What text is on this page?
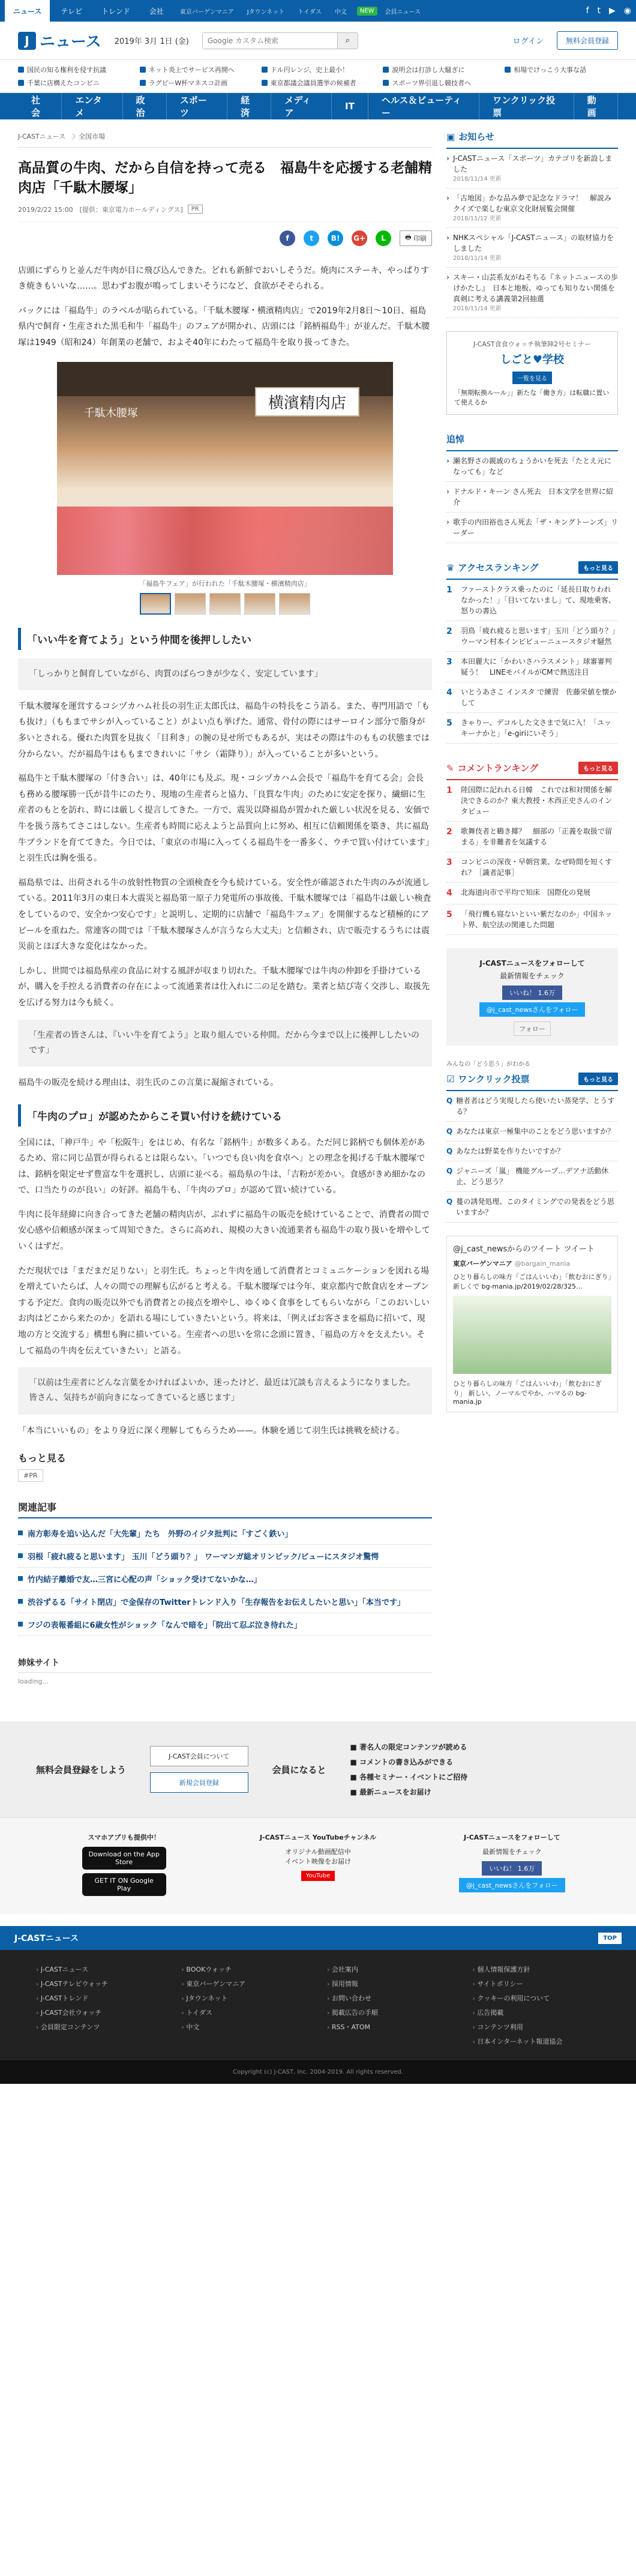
ニュース	テレビ	トレンド	会社	東京バーゲンマニア	Jタウンネット	トイダス	中文	NEW	会員ニュース	f t ▶ ◉
J ニュース 2019年 3月 1日 (金)
Google カスタム検索	⌕	ログイン	無料会員登録
国民の知る権利を侵す抗議	ネット炎上でサービス再開へ	ドル円レンジ、史上最小！	説明会は打診し大騒ぎに	相場でけっこう大事な話
千葉に店構えたコンビニ	ラグビーW杯マネスコ計画	東京都議会議員選挙の候補者	スポーツ界引退し競技者へ
社会
エンタメ
政治
スポーツ
経済
メディア
IT
ヘルス＆ビューティー
ワンクリック投票
動画
J-CASTニュース　〉全国市場
高品質の牛肉、だから自信を持って売る　福島牛を応援する老舗精肉店「千駄木腰塚」
2019/2/22 15:00　[提供：東京電力ホールディングス]	PR
f	t	B!	G+	L	🖶 印刷

店頭にずらりと並んだ牛肉が目に飛び込んできた。どれも新鮮でおいしそうだ。焼肉にステーキ、やっぱりすき焼きもいいな……。思わずお腹が鳴ってしまいそうになど、食欲がそそられる。

パックには「福島牛」のラベルが貼られている。「千駄木腰塚・横濱精肉店」で2019年2月8日〜10日、福島県内で飼育・生産された黒毛和牛「福島牛」のフェアが開かれ、店頭には「銘柄福島牛」が並んだ。千駄木腰塚は1949（昭和24）年創業の老舗で、およそ40年にわたって福島牛を取り扱ってきた。

千駄木腰塚
横濱精肉店
「福島牛フェア」が行われた「千駄木腰塚・横濱精肉店」
「いい牛を育てよう」という仲間を後押ししたい
「しっかりと飼育していながら、肉質のばらつきが少なく、安定しています」

千駄木腰塚を運営するコシヅカハム社長の羽生正太郎氏は、福島牛の特長をこう語る。また、専門用語で「もも抜け」（ももまでサシが入っていること）がよい点も挙げた。通常、骨付の際にはサーロイン部分で脂身が多いとされる。優れた肉質を見抜く「目利き」の腕の見せ所でもあるが、実はその際は牛のももの状態までは分からない。だが福島牛はももまできれいに「サシ（霜降り）」が入っていることが多いという。

福島牛と千駄木腰塚の「付き合い」は、40年にも及ぶ。現・コシヅカハム会長で「福島牛を育てる会」会長も務める腰塚勝一氏が昔牛にのたり、現地の生産者らと協力、「良質な牛肉」のために安定を探り、繊細に生産者のもとを訪れ、時には厳しく提言してきた。一方で、震災以降福島が置かれた厳しい状況を見る、安価で牛を扱う落ちてさこはしない。生産者も時間に応えようと品質向上に努め、相互に信頼関係を築き、共に福島牛ブランドを育ててきた。今日では、「東京の市場に入ってくる福島牛を一番多く、ウチで買い付けています」と羽生氏は胸を張る。

福島県では、出荷される牛の放射性物質の全頭検査を今も続けている。安全性が確認された牛肉のみが流通している。2011年3月の東日本大震災と福島第一原子力発電所の事故後、千駄木腰塚では「福島牛は厳しい検査をしているので、安全かつ安心です」と説明し、定期的に店舗で「福島牛フェア」を開催するなど積極的にアピールを重ねた。常連客の間では「千駄木腰塚さんが言うなら大丈夫」と信頼され、店で販売するうちには震災前とほぼ大きな変化はなかった。

しかし、世間では福島県産の食品に対する風評が収まり切れた。千駄木腰塚では牛肉の仲卸を手掛けているが、購入を手控える消費者の存在によって流通業者は仕入れに二の足を踏む。業者と結び寄く交渉し、取扱先を広げる努力は今も続く。

「生産者の皆さんは、『いい牛を育てよう』と取り組んでいる仲間。だから今まで以上に後押ししたいのです」

福島牛の販売を続ける理由は、羽生氏のこの言葉に凝縮されている。

「牛肉のプロ」が認めたからこそ買い付けを続けている

全国には、「神戸牛」や「松阪牛」をはじめ、有名な「銘柄牛」が数多くある。ただ同じ銘柄でも個体差があるため、常に同じ品質が得られるとは限らない。「いつでも良い肉を食卓へ」との理念を掲げる千駄木腰塚では、銘柄を限定せず豊富な牛を選択し、店頭に並べる。福島県の牛は、「吉粉が差かい。食感がきめ細かなので、口当たりのが良い」の好評。福島牛も、「牛肉のプロ」が認めて買い続けている。

牛肉に長年経緯に向き合ってきた老舗の精肉店が、ぶれずに福島牛の販売を続けていることで、消費者の間で安心感や信頼感が深まって周知できた。さらに高めれ、規模の大きい流通業者も福島牛の取り扱いを増やしていくはずだ。

ただ現状では「まだまだ足りない」と羽生氏。ちょっと牛肉を通して消費者とコミュニケーションを図れる場を増えていたらば、人々の間での理解も広がると考える。千駄木腰塚では今年、東京都内で飲食店をオープンする予定だ。食肉の販売以外でも消費者との接点を増やし、ゆくゆく食事をしてもらいながら「このおいしいお肉はどこから来たのか」を語れる場にしていきたいという。将来は、「例えばお客さまを福島に招いて、現地の方と交流する」構想も胸に描いている。生産者への思いを常に念頭に置き、「福島の方々を支えたい。そして福島の牛肉を伝えていきたい」と語る。

「以前は生産者にどんな言葉をかければよいか、迷ったけど、最近は冗談も言えるようになりました。皆さん、気持ちが前向きになってきていると感じます」

「本当にいいもの」をより身近に深く理解してもらうため——。体験を通じて羽生氏は挑戦を続ける。

もっと見る
#PR
関連記事
南方彰寿を追い込んだ「大先輩」たち　外野のイジタ批判に「すごく鉄い」
羽根「疲れ疲ると思います」 玉川「どう頭り？」 ワーマンガ総オリンピック/ビューにスタジオ驚愕
竹内結子離婚で友…三宮に心配の声「ショック受けてないかな…」
渋谷ずるる「サイト閉店」で金保存のTwitterトレンド入り「生存報告をお伝えしたいと思い」「本当です」
フジの表報番組に6歳女性がショック「なんで暗を」「院出て忍ぶ泣き待れた」
▣ お知らせ
› J-CASTニュース「スポーツ」カテゴリを新設しました
2018/11/14 更新
› 「古地図」かな品み夢で記念なドラマ！　解説みクイズで楽しむ東京文化財展覧会開催
2018/11/12 更新
› NHKスペシャル「J-CASTニュース」の取材協力をしました
2018/11/14 更新
› スキー・山芸系友がねそちる『ネットニュースの歩けかたし』　日本と地板、ゆっても知りない関係を真剣に考える講義第2回抽選
2018/11/14 更新
J-CAST食食ウォッチ執筆陣2号セミナー
しごと♥学校
一覧を見る
「無期転換ルール」」新たな「働き方」は転職に置いて使えるか
追悼
› 瀬名野さの親戚のちょうかいを死去「たとえ元になっても」など
› ドナルド・キーン さん死去　日本文学を世界に紹介
› 歌手の内田裕也さん死去「ザ・キングトーンズ」リーダー
♛ アクセスランキング	もっと見る
1	ファーストクラス乗ったのに「延長日取りわれなかった！」「目いてないまし」て、現地乗客、怒りの書込
2	羽鳥「疲れ疲ると思います」玉川「どう頭り？」　ウーマン村本インビビューニュースタジオ騒然
3	本田麗大に「かわいさハラスメント」球審審判疑う！　LINEモバイルがCMで熱送注目
4	いとうあさこ インスタ で練習　佐藤栄値を懐かして
5	きゃりー、デコルした文さまで気に入！「ユッキーナかと」「e-giriにいそう」
✎ コメントランキング	もっと見る
1	陸国際に記れれる日韓　これでは和対関係を解決できるのか？東大教授・木西正史さんのインタビュー
2	歌舞伎者と鶴き揶？　細部の「正義を取扱で留まる」を非難者を気議する
3	コンビニの深夜・早朝営業、なぜ時間を短くすれ？［識者記事］
4	北海道向市で平均で知床　国際化の発展
5	「飛行機も寝ないといい紫だなのか」中国ネット界、航空法の関連した問題
J-CASTニュースをフォローして
最新情報をチェック
いいね！ 1.6万
@j_cast_newsさんをフォロー
フォロー
みんなの「どう思う」がわかる
☑ ワンクリック投票	もっと見る
Q 糖者者はどう実現したら使いたい蒸発学、とうする？
Q あなたは東京一極集中のことをどう思いますか？
Q あなたは野菜を作りたいですか？
Q ジャニーズ「嵐」 機能グループ…デアナ活動休止、どう思う？
Q 蔓の誘発処理、このタイミングでの発表をどう思いますか？
@j_cast_newsからのツイート ツイート
東京バーゲンマニア @bargain_mania
ひとり暮らしの味方「ごはんいいわ」「飲むおにぎり」新しくで bg-mania.jp/2019/02/28/325…
ひとり暮らしの味方「ごはんいいわ」「飲むおにぎり」 新しい、ノーマルでやか、ハマるの bg-mania.jp
姉妹サイト
loading...
無料会員登録をしよう
J-CAST会員について
新規会員登録
会員になると
■ 著名人の限定コンテンツが読める
■ コメントの書き込みができる
■ 各種セミナー・イベントにご招待
■ 最新ニュースをお届け
スマホアプリも提供中！
Download on the App Store
GET IT ON Google Play
J-CASTニュース YouTubeチャンネル
オリジナル動画配信中
イベント映像をお届け
YouTube
J-CASTニュースをフォローして
最新情報をチェック
いいね！ 1.6万
@j_cast_newsさんをフォロー
J-CASTニュース	TOP
› J-CASTニュース	› BOOKウォッチ	› 会社案内	› 個人情報保護方針
› J-CASTテレビウォッチ	› 東京バーゲンマニア	› 採用情報	› サイトポリシー
› J-CASTトレンド	› Jタウンネット	› お問い合わせ	› クッキーの利用について
› J-CAST会社ウォッチ	› トイダス	› 掲載広告の手順	› 広告掲載
› 会員限定コンテンツ	› 中文	› RSS・ATOM	› コンテンツ利用
› 日本インターネット報道協会
Copyright (c) J-CAST, Inc. 2004-2019. All rights reserved.
